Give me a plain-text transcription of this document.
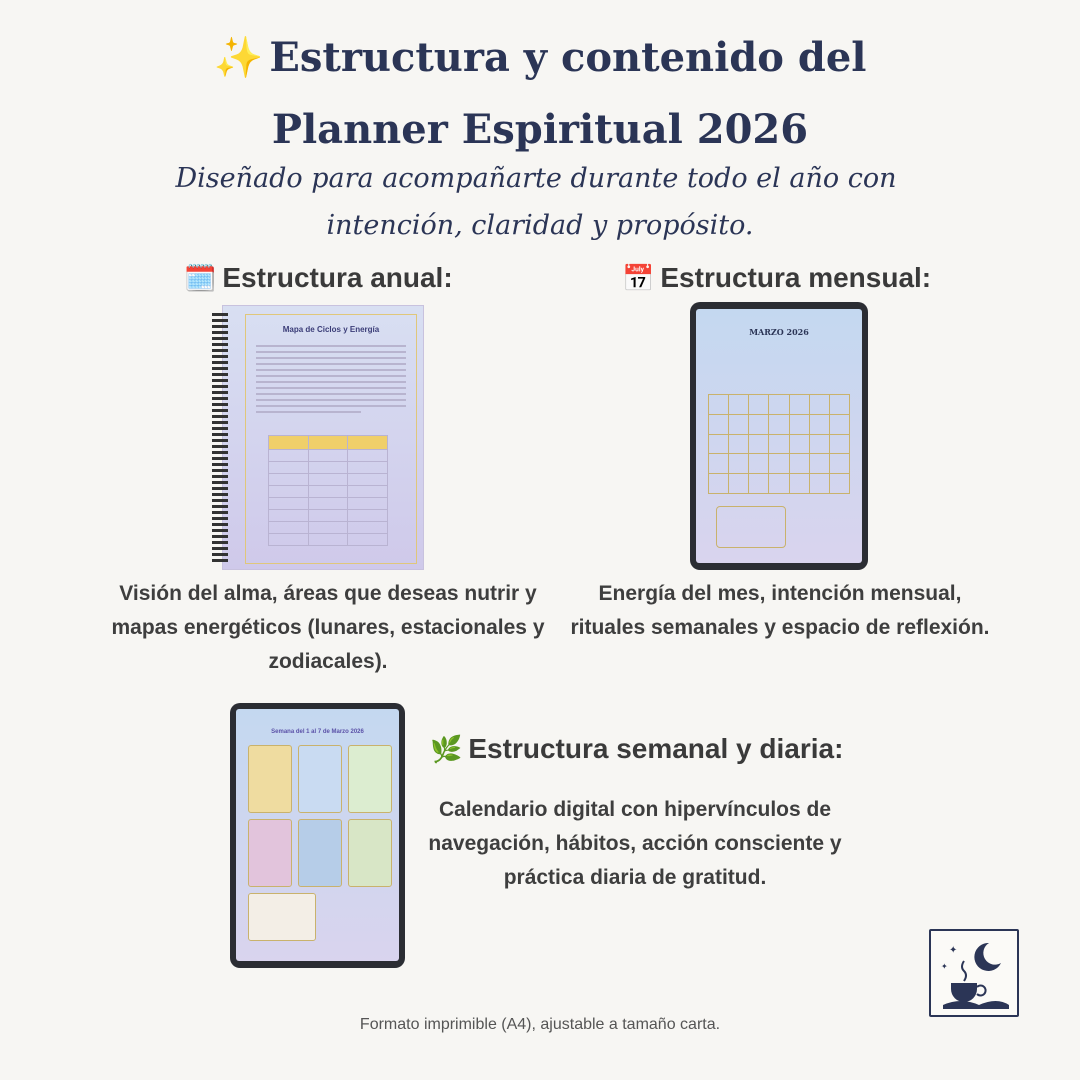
✨ Estructura y contenido del
Planner Espiritual 2026
Diseñado para acompañarte durante todo el año con
intención, claridad y propósito.
🗓️ Estructura anual:
Mapa de Ciclos y Energía

Visión del alma, áreas que deseas nutrir y mapas energéticos (lunares, estacionales y zodiacales).
📅 Estructura mensual:
MARZO 2026
Energía del mes, intención mensual, rituales semanales y espacio de reflexión.
Semana del 1 al 7 de Marzo 2026
🌿 Estructura semanal y diaria:
Calendario digital con hipervínculos de navegación, hábitos, acción consciente y práctica diaria de gratitud.
✦
✦
Formato imprimible (A4), ajustable a tamaño carta.
